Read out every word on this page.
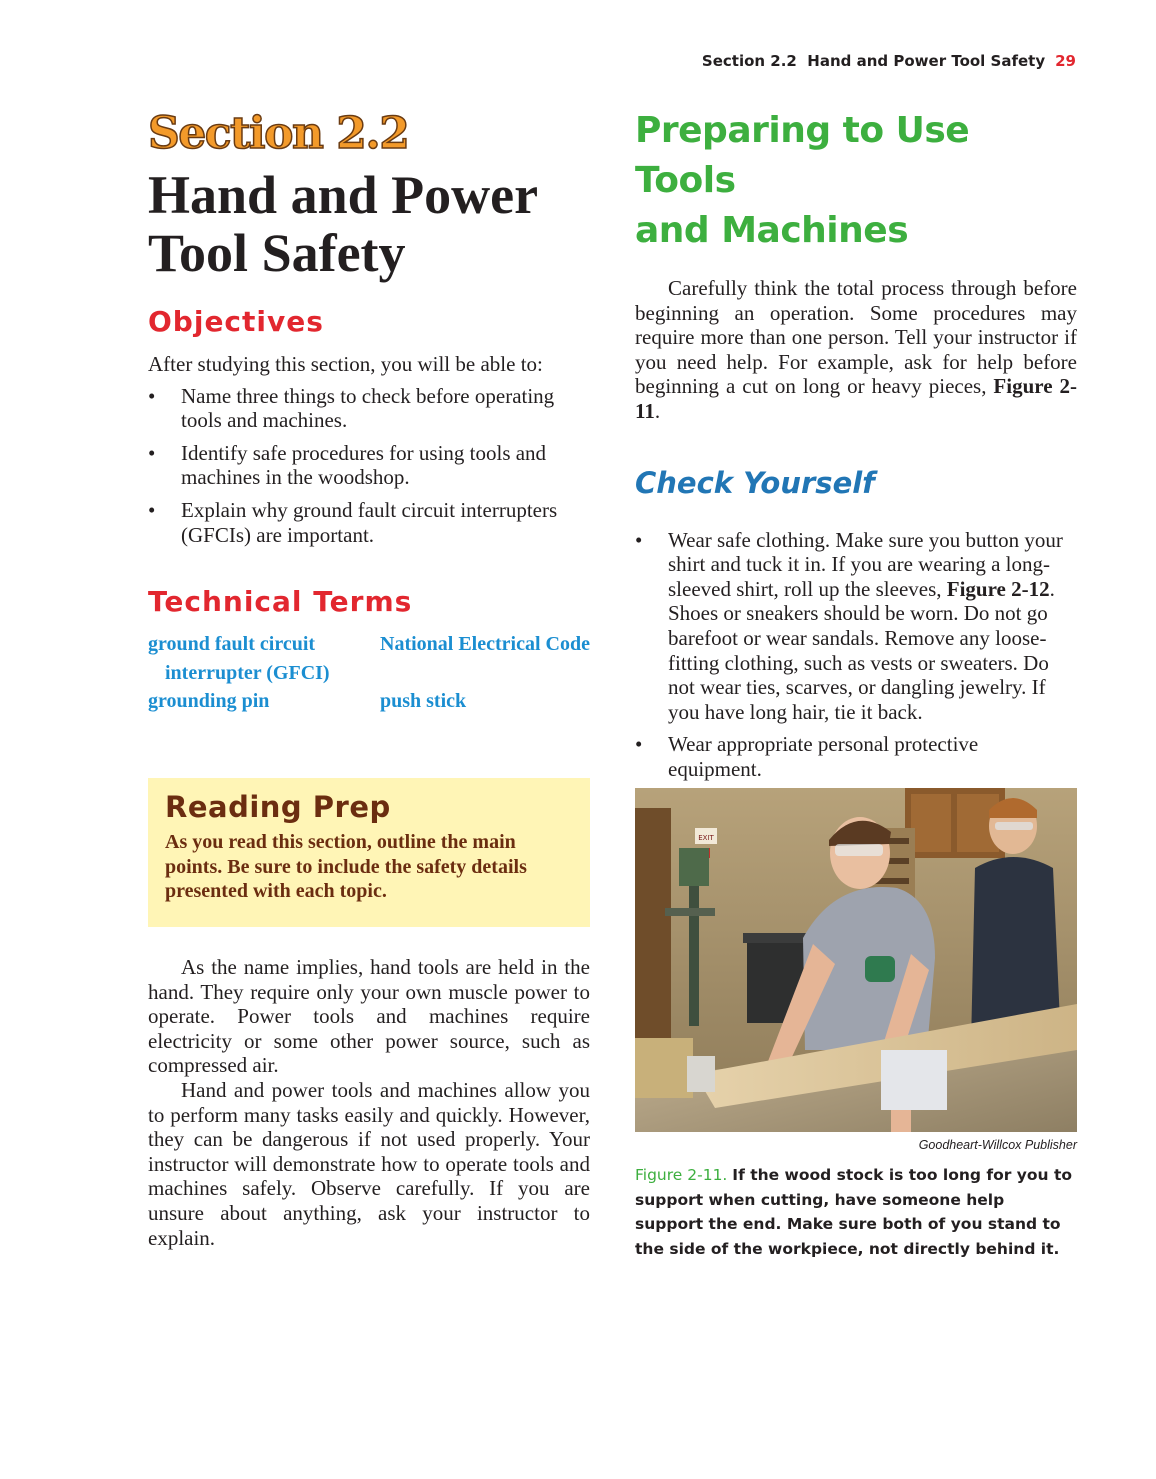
Section 2.2  Hand and Power Tool Safety 29
Section 2.2
Hand and Power
Tool Safety
Objectives

After studying this section, you will be able to:

• Name three things to check before operating tools and machines.
• Identify safe procedures for using tools and machines in the woodshop.
• Explain why ground fault circuit interrupters (GFCIs) are important.
Technical Terms
ground fault circuit interrupter (GFCI)
National Electrical Code
grounding pin	push stick
Reading Prep

As you read this section, outline the main points. Be sure to include the safety details presented with each topic.

As the name implies, hand tools are held in the hand. They require only your own muscle power to operate. Power tools and machines require electricity or some other power source, such as compressed air.

Hand and power tools and machines allow you to perform many tasks easily and quickly. However, they can be dangerous if not used properly. Your instructor will demonstrate how to operate tools and machines safely. Observe carefully. If you are unsure about anything, ask your instructor to explain.

Preparing to Use Tools
and Machines

Carefully think the total process through before beginning an operation. Some procedures may require more than one person. Tell your instructor if you need help. For example, ask for help before beginning a cut on long or heavy pieces, Figure 2-11.

Check Yourself
• Wear safe clothing. Make sure you button your shirt and tuck it in. If you are wearing a long-sleeved shirt, roll up the sleeves, Figure 2-12. Shoes or sneakers should be worn. Do not go barefoot or wear sandals. Remove any loose-fitting clothing, such as vests or sweaters. Do not wear ties, scarves, or dangling jewelry. If you have long hair, tie it back.
• Wear appropriate personal protective equipment.
EXIT
Goodheart-Willcox Publisher
Figure 2-11. If the wood stock is too long for you to support when cutting, have someone help support the end. Make sure both of you stand to the side of the workpiece, not directly behind it.
